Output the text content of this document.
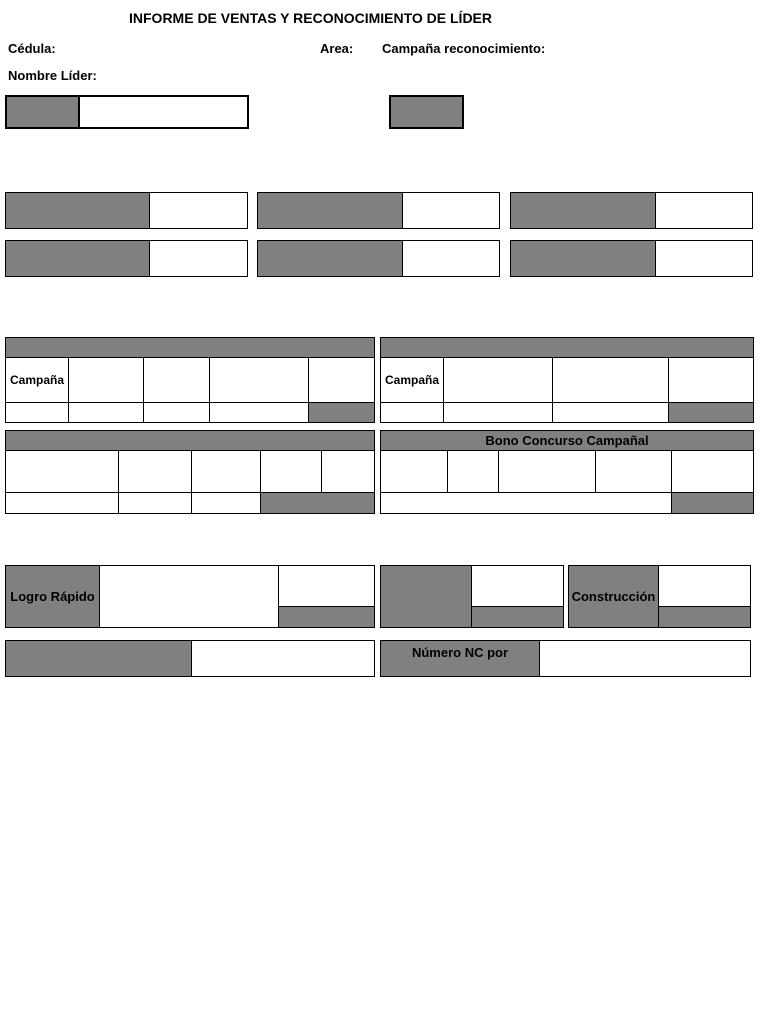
INFORME DE VENTAS Y RECONOCIMIENTO DE LÍDER
Cédula:	Area: Campaña reconocimiento:
Nombre Líder:
Campaña	Campaña
Bono Concurso Campañal
Logro Rápido	Construcción
Número NC por
